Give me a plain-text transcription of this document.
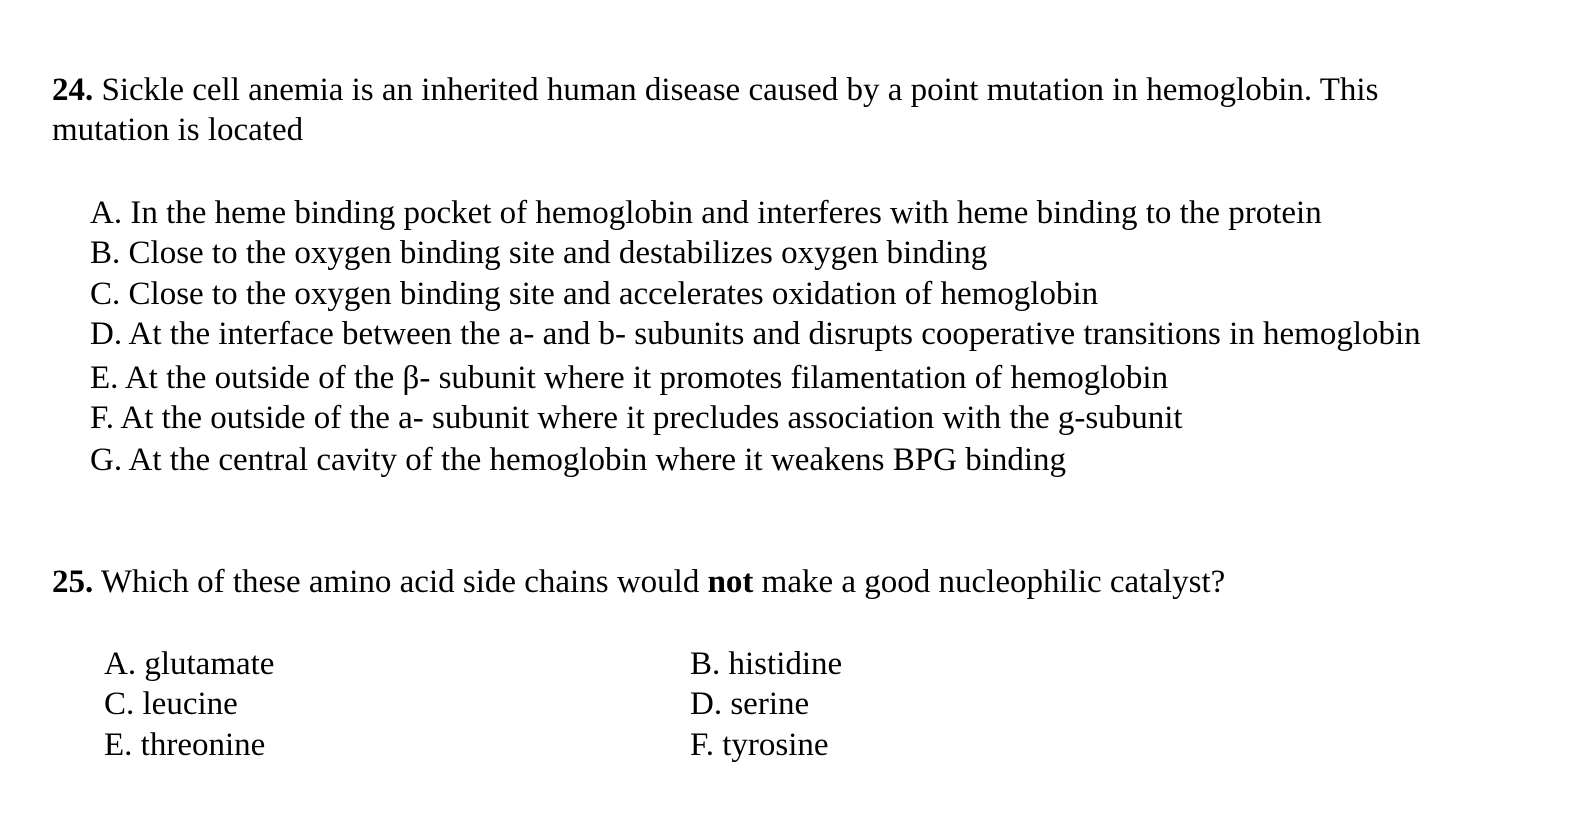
24. Sickle cell anemia is an inherited human disease caused by a point mutation in hemoglobin. This

mutation is located

A. In the heme binding pocket of hemoglobin and interferes with heme binding to the protein

B. Close to the oxygen binding site and destabilizes oxygen binding

C. Close to the oxygen binding site and accelerates oxidation of hemoglobin

D. At the interface between the a- and b- subunits and disrupts cooperative transitions in hemoglobin

E. At the outside of the β- subunit where it promotes filamentation of hemoglobin

F. At the outside of the a- subunit where it precludes association with the g-subunit

G. At the central cavity of the hemoglobin where it weakens BPG binding

25. Which of these amino acid side chains would not make a good nucleophilic catalyst?

A. glutamate	B. histidine

C. leucine	D. serine

E. threonine	F. tyrosine
